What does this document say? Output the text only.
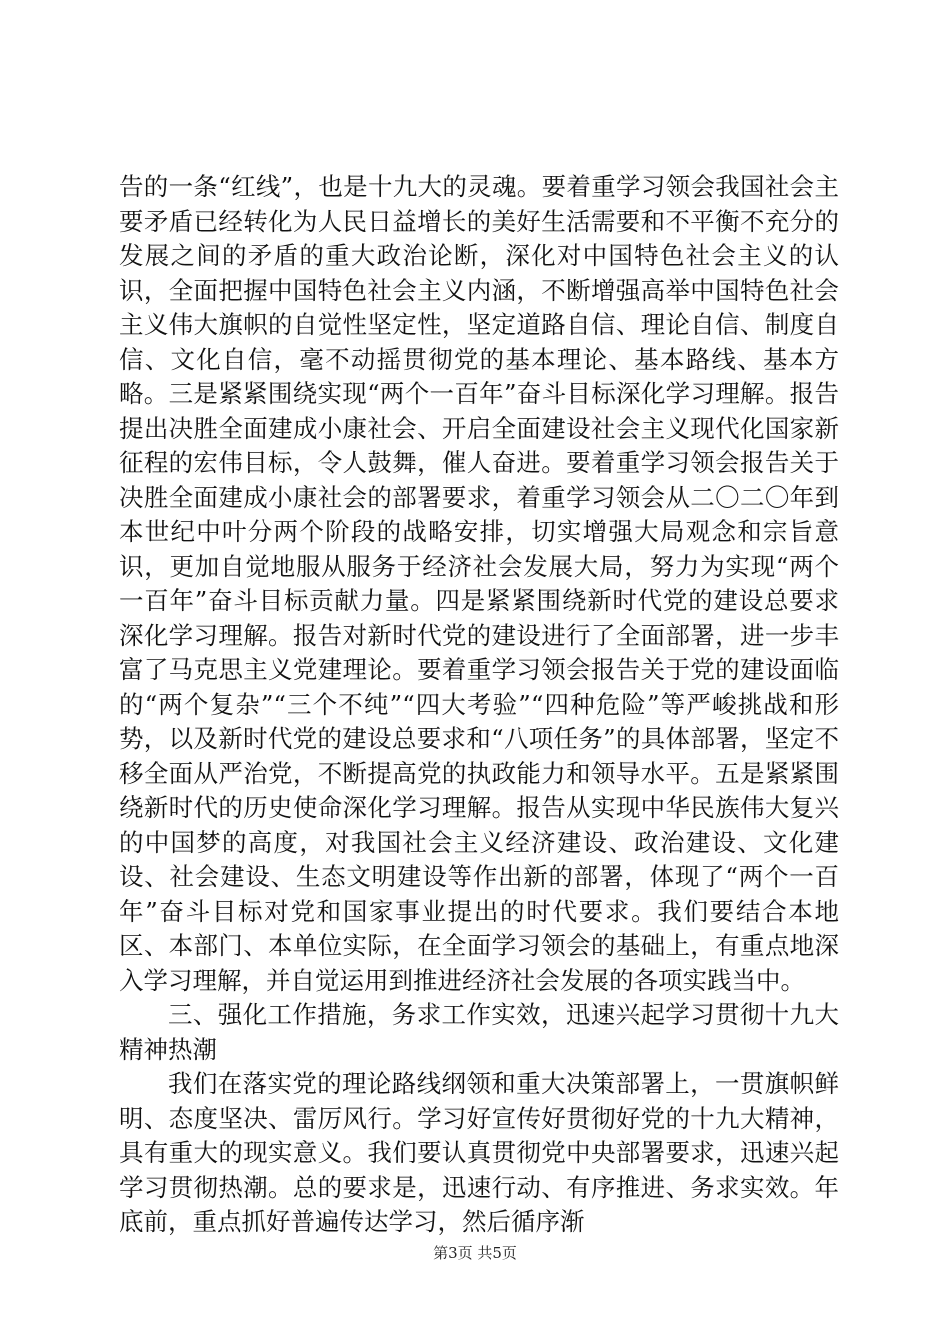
告的一条“红线”，也是十九大的灵魂。要着重学习领会我国社会主要矛盾已经转化为人民日益增长的美好生活需要和不平衡不充分的发展之间的矛盾的重大政治论断，深化对中国特色社会主义的认识，全面把握中国特色社会主义内涵，不断增强高举中国特色社会主义伟大旗帜的自觉性坚定性，坚定道路自信、理论自信、制度自信、文化自信，毫不动摇贯彻党的基本理论、基本路线、基本方略。三是紧紧围绕实现“两个一百年”奋斗目标深化学习理解。报告提出决胜全面建成小康社会、开启全面建设社会主义现代化国家新征程的宏伟目标，令人鼓舞，催人奋进。要着重学习领会报告关于决胜全面建成小康社会的部署要求，着重学习领会从二〇二〇年到本世纪中叶分两个阶段的战略安排，切实增强大局观念和宗旨意识，更加自觉地服从服务于经济社会发展大局，努力为实现“两个一百年”奋斗目标贡献力量。四是紧紧围绕新时代党的建设总要求深化学习理解。报告对新时代党的建设进行了全面部署，进一步丰富了马克思主义党建理论。要着重学习领会报告关于党的建设面临的“两个复杂”“三个不纯”“四大考验”“四种危险”等严峻挑战和形势，以及新时代党的建设总要求和“八项任务”的具体部署，坚定不移全面从严治党，不断提高党的执政能力和领导水平。五是紧紧围绕新时代的历史使命深化学习理解。报告从实现中华民族伟大复兴的中国梦的高度，对我国社会主义经济建设、政治建设、文化建设、社会建设、生态文明建设等作出新的部署，体现了“两个一百年”奋斗目标对党和国家事业提出的时代要求。我们要结合本地区、本部门、本单位实际，在全面学习领会的基础上，有重点地深入学习理解，并自觉运用到推进经济社会发展的各项实践当中。

三、强化工作措施，务求工作实效，迅速兴起学习贯彻十九大精神热潮

我们在落实党的理论路线纲领和重大决策部署上，一贯旗帜鲜明、态度坚决、雷厉风行。学习好宣传好贯彻好党的十九大精神，具有重大的现实意义。我们要认真贯彻党中央部署要求，迅速兴起学习贯彻热潮。总的要求是，迅速行动、有序推进、务求实效。年底前，重点抓好普遍传达学习，然后循序渐

第3页 共5页
